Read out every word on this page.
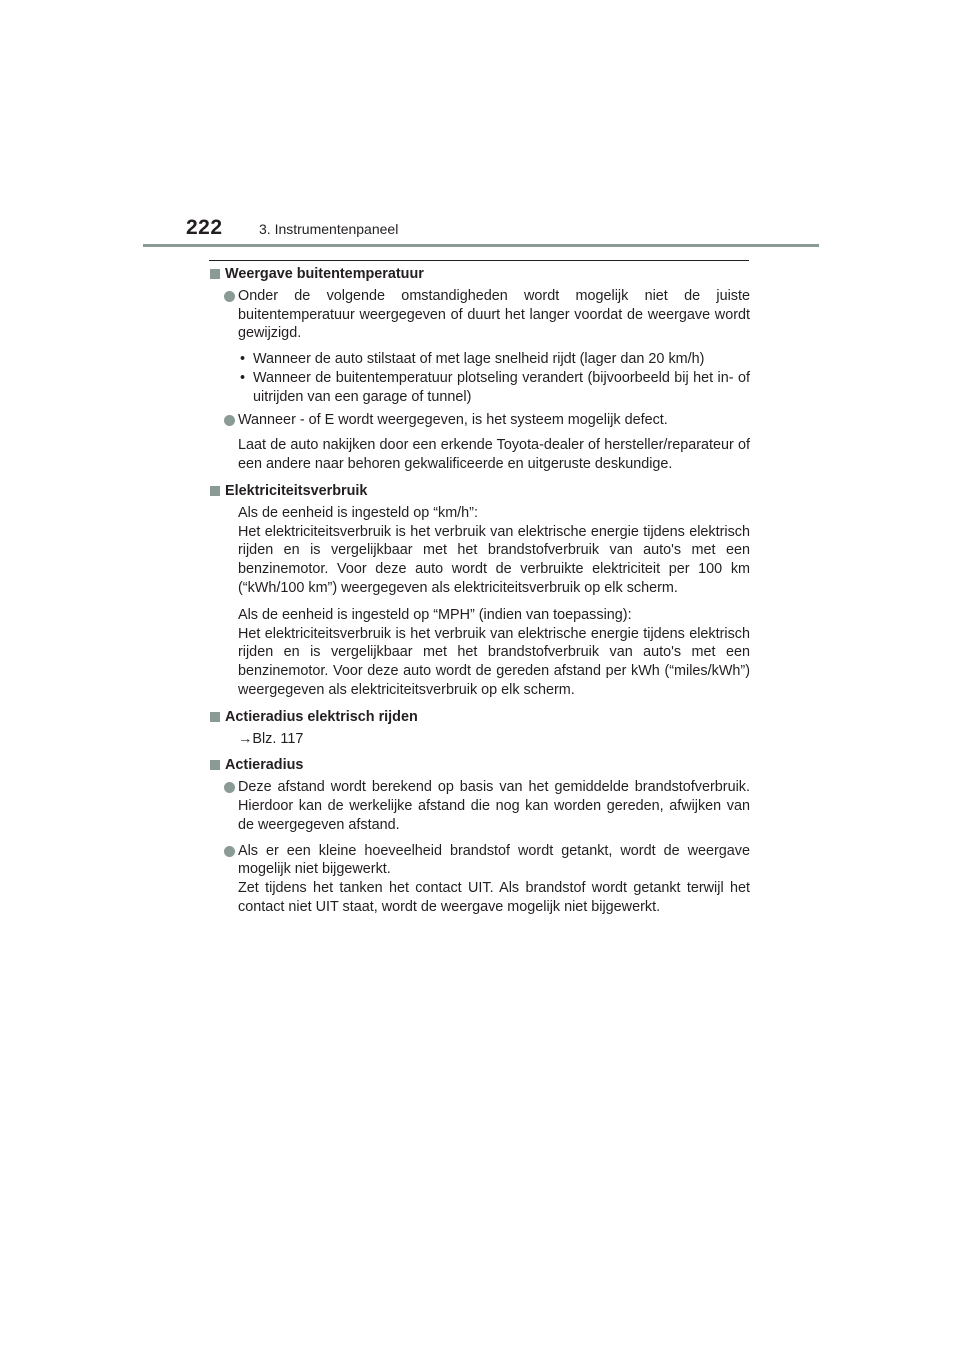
222	3. Instrumentenpaneel
Weergave buitentemperatuur
Onder de volgende omstandigheden wordt mogelijk niet de juiste buitentemperatuur weergegeven of duurt het langer voordat de weergave wordt gewijzigd.
• Wanneer de auto stilstaat of met lage snelheid rijdt (lager dan 20 km/h)
• Wanneer de buitentemperatuur plotseling verandert (bijvoorbeeld bij het in- of uitrijden van een garage of tunnel)
Wanneer - of E wordt weergegeven, is het systeem mogelijk defect.
Laat de auto nakijken door een erkende Toyota-dealer of hersteller/reparateur of een andere naar behoren gekwalificeerde en uitgeruste deskundige.
Elektriciteitsverbruik
Als de eenheid is ingesteld op “km/h”:
Het elektriciteitsverbruik is het verbruik van elektrische energie tijdens elektrisch rijden en is vergelijkbaar met het brandstofverbruik van auto's met een benzinemotor. Voor deze auto wordt de verbruikte elektriciteit per 100 km (“kWh/100 km”) weergegeven als elektriciteitsverbruik op elk scherm.
Als de eenheid is ingesteld op “MPH” (indien van toepassing):
Het elektriciteitsverbruik is het verbruik van elektrische energie tijdens elektrisch rijden en is vergelijkbaar met het brandstofverbruik van auto's met een benzinemotor. Voor deze auto wordt de gereden afstand per kWh (“miles/kWh”) weergegeven als elektriciteitsverbruik op elk scherm.
Actieradius elektrisch rijden
→Blz. 117
Actieradius
Deze afstand wordt berekend op basis van het gemiddelde brandstofverbruik. Hierdoor kan de werkelijke afstand die nog kan worden gereden, afwijken van de weergegeven afstand.
Als er een kleine hoeveelheid brandstof wordt getankt, wordt de weergave mogelijk niet bijgewerkt.
Zet tijdens het tanken het contact UIT. Als brandstof wordt getankt terwijl het contact niet UIT staat, wordt de weergave mogelijk niet bijgewerkt.
